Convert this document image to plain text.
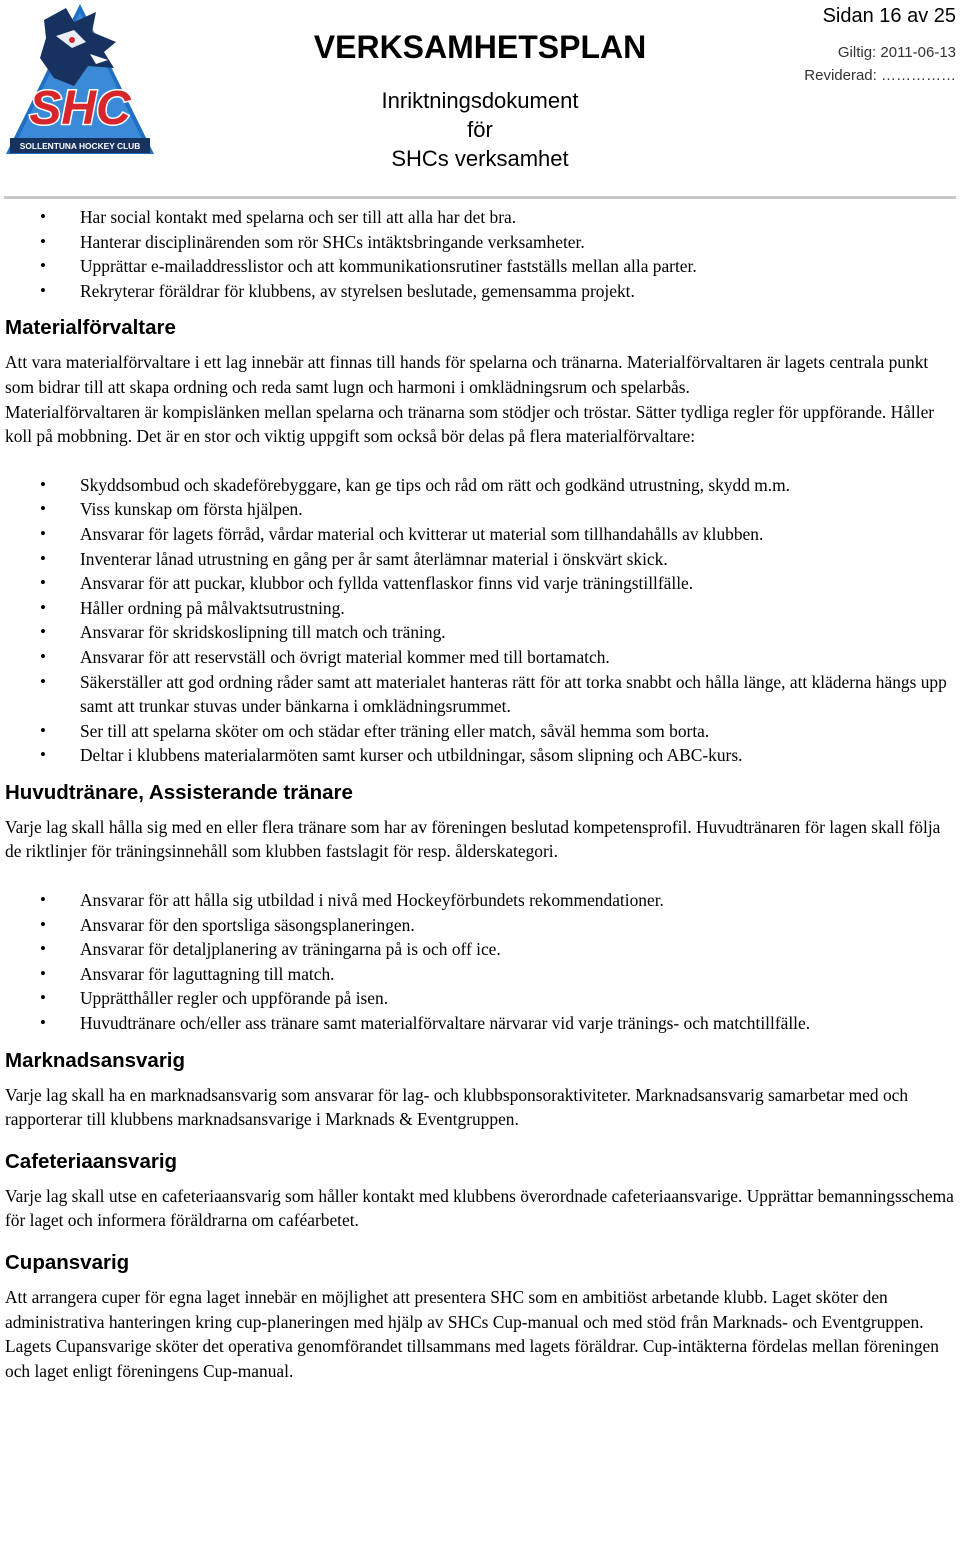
SHC
SOLLENTUNA HOCKEY CLUB
VERKSAMHETSPLAN
Inriktningsdokument
för
SHCs verksamhet
Sidan 16 av 25
Giltig: 2011-06-13
Reviderad: ……………
• Har social kontakt med spelarna och ser till att alla har det bra.
• Hanterar disciplinärenden som rör SHCs intäktsbringande verksamheter.
• Upprättar e-mailaddresslistor och att kommunikationsrutiner fastställs mellan alla parter.
• Rekryterar föräldrar för klubbens, av styrelsen beslutade, gemensamma projekt.
Materialförvaltare

Att vara materialförvaltare i ett lag innebär att finnas till hands för spelarna och tränarna. Materialförvaltaren är lagets centrala punkt som bidrar till att skapa ordning och reda samt lugn och harmoni i omklädningsrum och spelarbås.

Materialförvaltaren är kompislänken mellan spelarna och tränarna som stödjer och tröstar. Sätter tydliga regler för uppförande. Håller koll på mobbning. Det är en stor och viktig uppgift som också bör delas på flera materialförvaltare:

• Skyddsombud och skadeförebyggare, kan ge tips och råd om rätt och godkänd utrustning, skydd m.m.
• Viss kunskap om första hjälpen.
• Ansvarar för lagets förråd, vårdar material och kvitterar ut material som tillhandahålls av klubben.
• Inventerar lånad utrustning en gång per år samt återlämnar material i önskvärt skick.
• Ansvarar för att puckar, klubbor och fyllda vattenflaskor finns vid varje träningstillfälle.
• Håller ordning på målvaktsutrustning.
• Ansvarar för skridskoslipning till match och träning.
• Ansvarar för att reservställ och övrigt material kommer med till bortamatch.
• Säkerställer att god ordning råder samt att materialet hanteras rätt för att torka snabbt och hålla länge, att kläderna hängs upp samt att trunkar stuvas under bänkarna i omklädningsrummet.
• Ser till att spelarna sköter om och städar efter träning eller match, såväl hemma som borta.
• Deltar i klubbens materialarmöten samt kurser och utbildningar, såsom slipning och ABC-kurs.
Huvudtränare, Assisterande tränare

Varje lag skall hålla sig med en eller flera tränare som har av föreningen beslutad kompetensprofil. Huvudtränaren för lagen skall följa de riktlinjer för träningsinnehåll som klubben fastslagit för resp. ålderskategori.

• Ansvarar för att hålla sig utbildad i nivå med Hockeyförbundets rekommendationer.
• Ansvarar för den sportsliga säsongsplaneringen.
• Ansvarar för detaljplanering av träningarna på is och off ice.
• Ansvarar för laguttagning till match.
• Upprätthåller regler och uppförande på isen.
• Huvudtränare och/eller ass tränare samt materialförvaltare närvarar vid varje tränings- och matchtillfälle.
Marknadsansvarig

Varje lag skall ha en marknadsansvarig som ansvarar för lag- och klubbsponsoraktiviteter. Marknadsansvarig samarbetar med och rapporterar till klubbens marknadsansvarige i Marknads & Eventgruppen.

Cafeteriaansvarig

Varje lag skall utse en cafeteriaansvarig som håller kontakt med klubbens överordnade cafeteriaansvarige. Upprättar bemanningsschema för laget och informera föräldrarna om caféarbetet.

Cupansvarig

Att arrangera cuper för egna laget innebär en möjlighet att presentera SHC som en ambitiöst arbetande klubb. Laget sköter den administrativa hanteringen kring cup-planeringen med hjälp av SHCs Cup-manual och med stöd från Marknads- och Eventgruppen. Lagets Cupansvarige sköter det operativa genomförandet tillsammans med lagets föräldrar. Cup-intäkterna fördelas mellan föreningen och laget enligt föreningens Cup-manual.
